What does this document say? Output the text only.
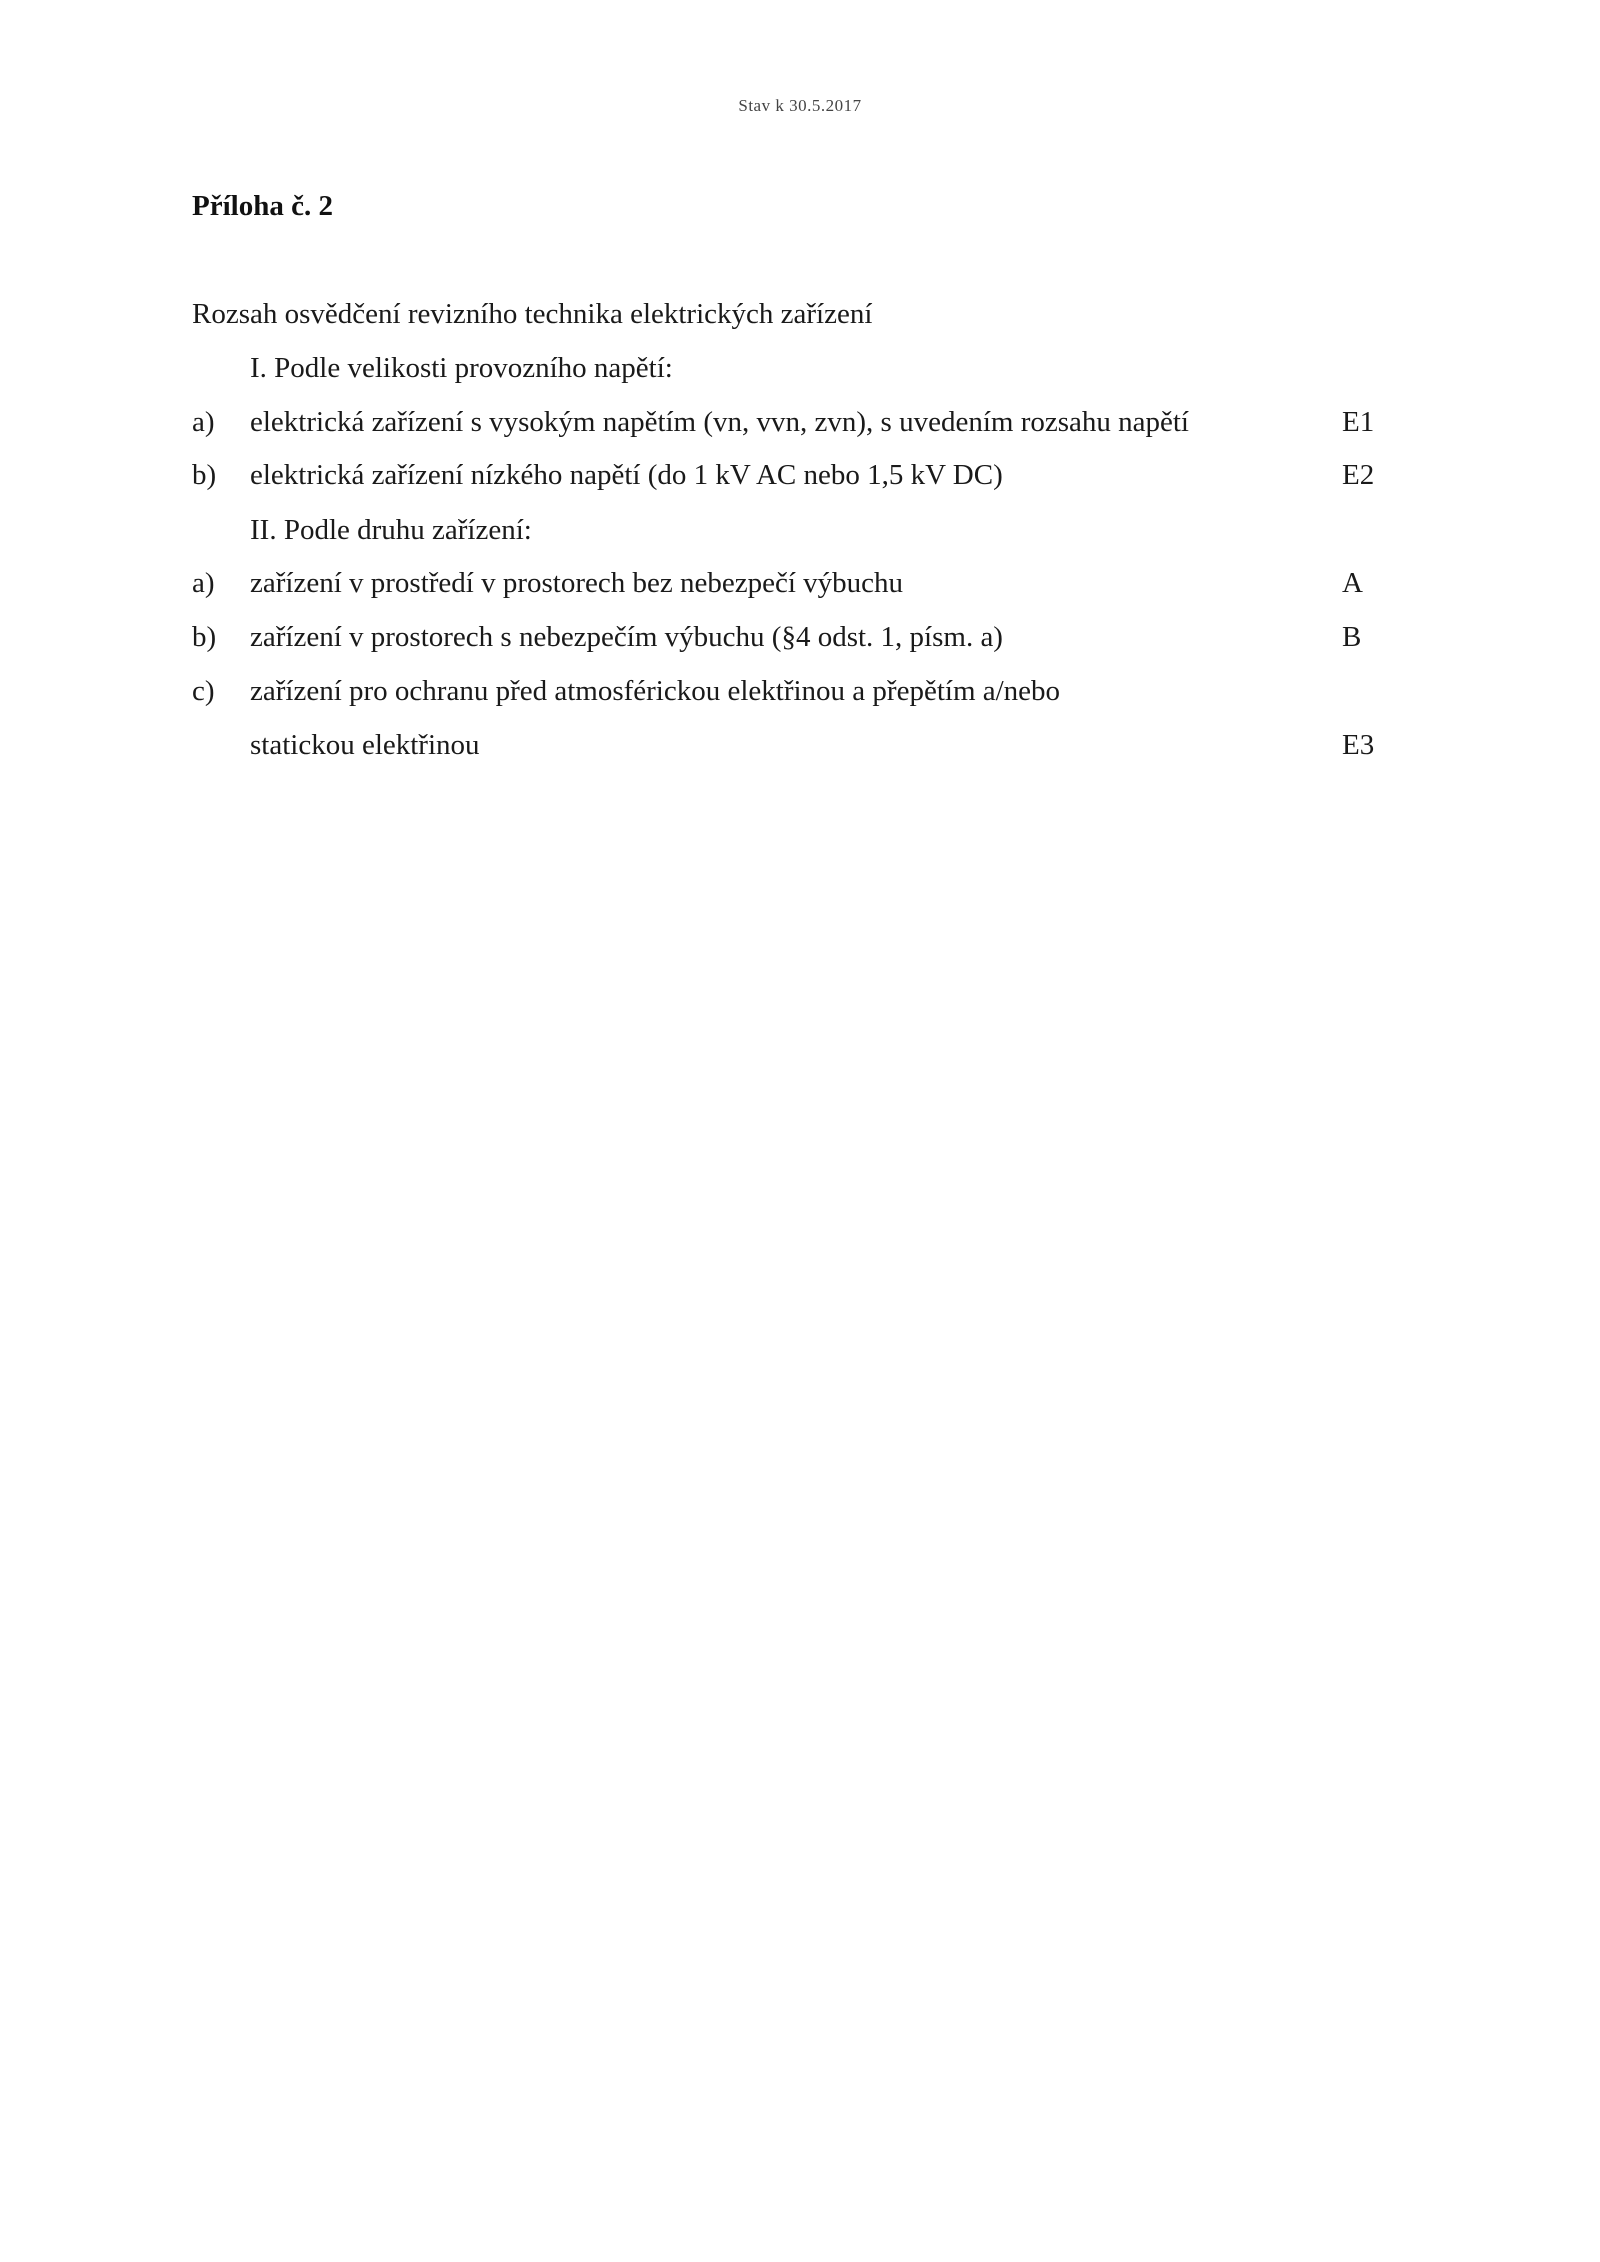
Stav k 30.5.2017
Příloha č. 2
Rozsah osvědčení revizního technika elektrických zařízení
I. Podle velikosti provozního napětí:
a) elektrická zařízení s vysokým napětím (vn, vvn, zvn), s uvedením rozsahu napětí	E1
b) elektrická zařízení nízkého napětí (do 1 kV AC nebo 1,5 kV DC)	E2
II. Podle druhu zařízení:
a) zařízení v prostředí v prostorech bez nebezpečí výbuchu	A
b) zařízení v prostorech s nebezpečím výbuchu (§4 odst. 1, písm. a)	B
c) zařízení pro ochranu před atmosférickou elektřinou a přepětím a/nebo
statickou elektřinou	E3
